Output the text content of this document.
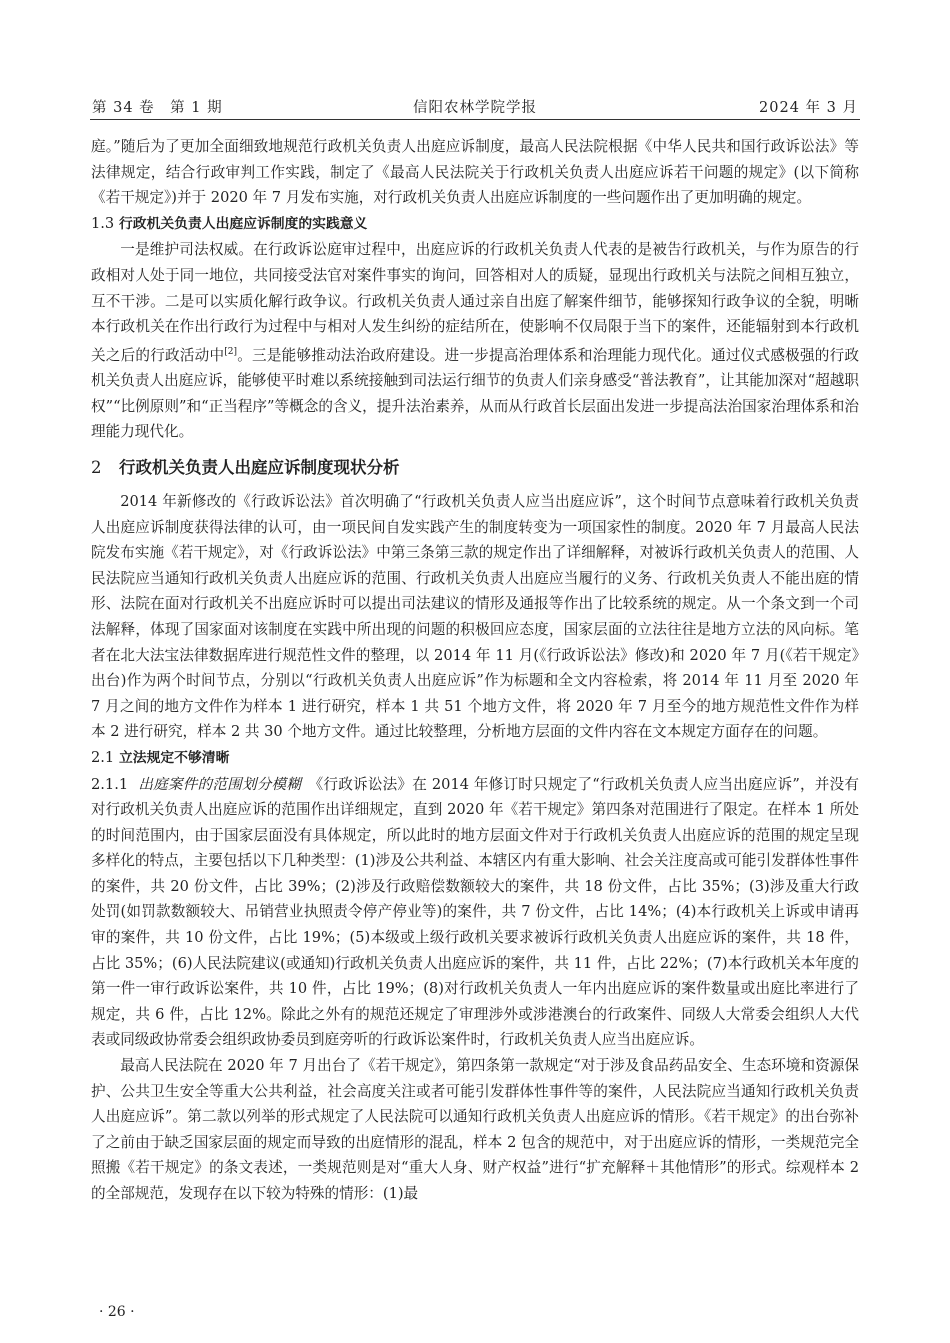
第 34 卷　第 1 期	信阳农林学院学报	2024 年 3 月

庭。”随后为了更加全面细致地规范行政机关负责人出庭应诉制度，最高人民法院根据《中华人民共和国行政诉讼法》等法律规定，结合行政审判工作实践，制定了《最高人民法院关于行政机关负责人出庭应诉若干问题的规定》(以下简称《若干规定》)并于 2020 年 7 月发布实施，对行政机关负责人出庭应诉制度的一些问题作出了更加明确的规定。

1.3 行政机关负责人出庭应诉制度的实践意义

一是维护司法权威。在行政诉讼庭审过程中，出庭应诉的行政机关负责人代表的是被告行政机关，与作为原告的行政相对人处于同一地位，共同接受法官对案件事实的询问，回答相对人的质疑，显现出行政机关与法院之间相互独立，互不干涉。二是可以实质化解行政争议。行政机关负责人通过亲自出庭了解案件细节，能够探知行政争议的全貌，明晰本行政机关在作出行政行为过程中与相对人发生纠纷的症结所在，使影响不仅局限于当下的案件，还能辐射到本行政机关之后的行政活动中[2]。三是能够推动法治政府建设。进一步提高治理体系和治理能力现代化。通过仪式感极强的行政机关负责人出庭应诉，能够使平时难以系统接触到司法运行细节的负责人们亲身感受“普法教育”，让其能加深对“超越职权”“比例原则”和“正当程序”等概念的含义，提升法治素养，从而从行政首长层面出发进一步提高法治国家治理体系和治理能力现代化。

2 行政机关负责人出庭应诉制度现状分析

2014 年新修改的《行政诉讼法》首次明确了“行政机关负责人应当出庭应诉”，这个时间节点意味着行政机关负责人出庭应诉制度获得法律的认可，由一项民间自发实践产生的制度转变为一项国家性的制度。2020 年 7 月最高人民法院发布实施《若干规定》，对《行政诉讼法》中第三条第三款的规定作出了详细解释，对被诉行政机关负责人的范围、人民法院应当通知行政机关负责人出庭应诉的范围、行政机关负责人出庭应当履行的义务、行政机关负责人不能出庭的情形、法院在面对行政机关不出庭应诉时可以提出司法建议的情形及通报等作出了比较系统的规定。从一个条文到一个司法解释，体现了国家面对该制度在实践中所出现的问题的积极回应态度，国家层面的立法往往是地方立法的风向标。笔者在北大法宝法律数据库进行规范性文件的整理，以 2014 年 11 月(《行政诉讼法》修改)和 2020 年 7 月(《若干规定》出台)作为两个时间节点，分别以“行政机关负责人出庭应诉”作为标题和全文内容检索，将 2014 年 11 月至 2020 年 7 月之间的地方文件作为样本 1 进行研究，样本 1 共 51 个地方文件，将 2020 年 7 月至今的地方规范性文件作为样本 2 进行研究，样本 2 共 30 个地方文件。通过比较整理，分析地方层面的文件内容在文本规定方面存在的问题。

2.1 立法规定不够清晰

2.1.1 出庭案件的范围划分模糊　 《行政诉讼法》在 2014 年修订时只规定了“行政机关负责人应当出庭应诉”，并没有对行政机关负责人出庭应诉的范围作出详细规定，直到 2020 年《若干规定》第四条对范围进行了限定。在样本 1 所处的时间范围内，由于国家层面没有具体规定，所以此时的地方层面文件对于行政机关负责人出庭应诉的范围的规定呈现多样化的特点，主要包括以下几种类型：(1)涉及公共利益、本辖区内有重大影响、社会关注度高或可能引发群体性事件的案件，共 20 份文件，占比 39%；(2)涉及行政赔偿数额较大的案件，共 18 份文件，占比 35%；(3)涉及重大行政处罚(如罚款数额较大、吊销营业执照责令停产停业等)的案件，共 7 份文件，占比 14%；(4)本行政机关上诉或申请再审的案件，共 10 份文件，占比 19%；(5)本级或上级行政机关要求被诉行政机关负责人出庭应诉的案件，共 18 件，占比 35%；(6)人民法院建议(或通知)行政机关负责人出庭应诉的案件，共 11 件，占比 22%；(7)本行政机关本年度的第一件一审行政诉讼案件，共 10 件，占比 19%；(8)对行政机关负责人一年内出庭应诉的案件数量或出庭比率进行了规定，共 6 件，占比 12%。除此之外有的规范还规定了审理涉外或涉港澳台的行政案件、同级人大常委会组织人大代表或同级政协常委会组织政协委员到庭旁听的行政诉讼案件时，行政机关负责人应当出庭应诉。

最高人民法院在 2020 年 7 月出台了《若干规定》，第四条第一款规定“对于涉及食品药品安全、生态环境和资源保护、公共卫生安全等重大公共利益，社会高度关注或者可能引发群体性事件等的案件，人民法院应当通知行政机关负责人出庭应诉”。第二款以列举的形式规定了人民法院可以通知行政机关负责人出庭应诉的情形。《若干规定》的出台弥补了之前由于缺乏国家层面的规定而导致的出庭情形的混乱，样本 2 包含的规范中，对于出庭应诉的情形，一类规范完全照搬《若干规定》的条文表述，一类规范则是对“重大人身、财产权益”进行“扩充解释＋其他情形”的形式。综观样本 2 的全部规范，发现存在以下较为特殊的情形：(1)最

· 26 ·
